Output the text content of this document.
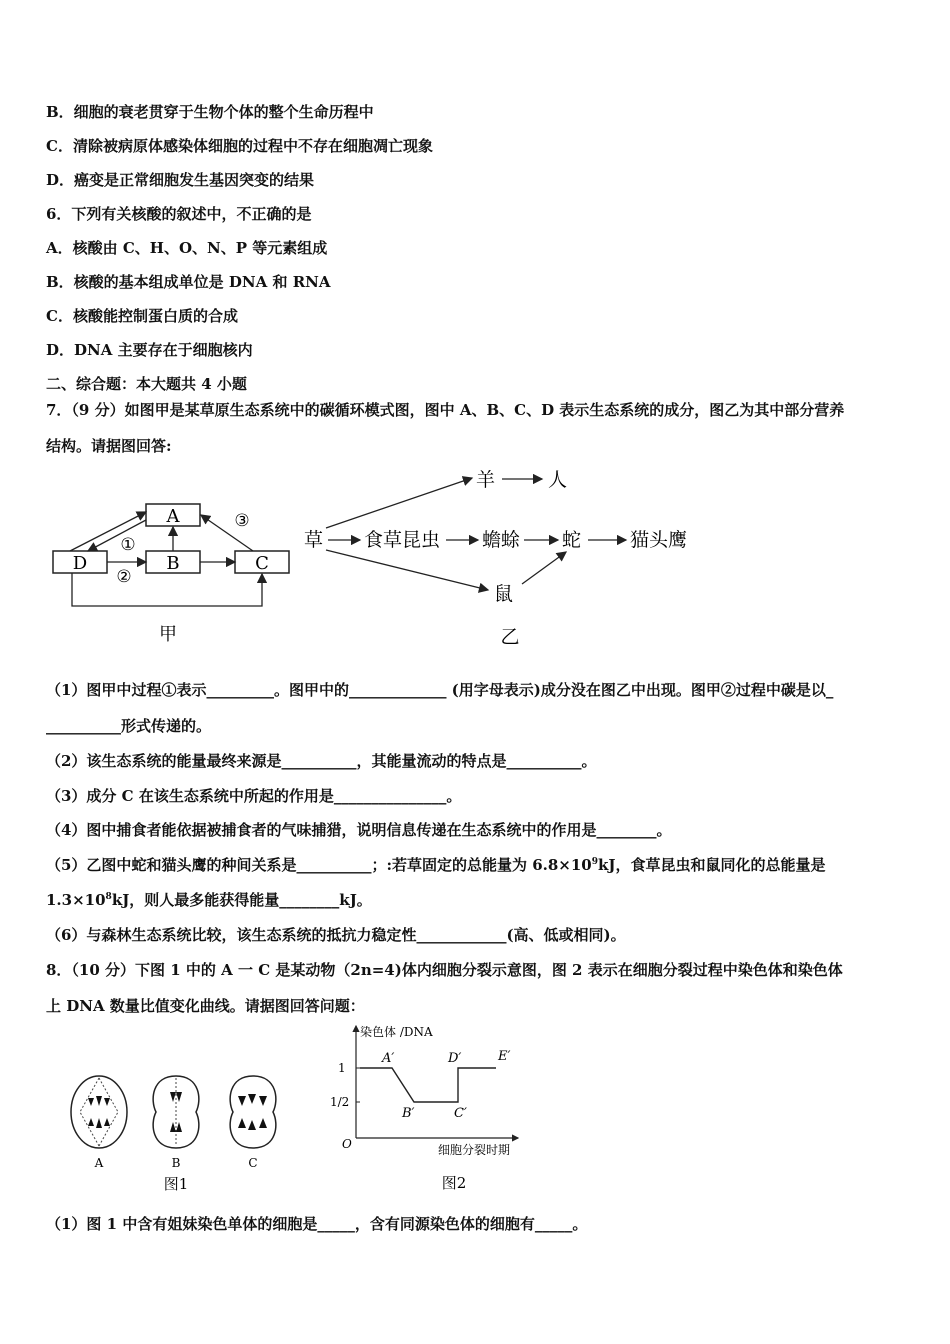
B．细胞的衰老贯穿于生物个体的整个生命历程中
C．清除被病原体感染体细胞的过程中不存在细胞凋亡现象
D．癌变是正常细胞发生基因突变的结果
6．下列有关核酸的叙述中，不正确的是
A．核酸由 C、H、O、N、P 等元素组成
B．核酸的基本组成单位是 DNA 和 RNA
C．核酸能控制蛋白质的合成
D．DNA 主要存在于细胞核内
二、综合题：本大题共 4 小题
7．（9 分）如图甲是某草原生态系统中的碳循环模式图，图中 A、B、C、D 表示生态系统的成分，图乙为其中部分营养
结构。请据图回答:
A
D	B	C
①
②
③
甲
草 食草昆虫 蟾蜍 蛇	猫头鹰
羊	人
鼠
乙
（1）图甲中过程①表示_________。图甲中的_____________ (用字母表示)成分没在图乙中出现。图甲②过程中碳是以_
__________形式传递的。
（2）该生态系统的能量最终来源是__________，其能量流动的特点是__________。
（3）成分 C 在该生态系统中所起的作用是_______________。
（4）图中捕食者能依据被捕食者的气味捕猎，说明信息传递在生态系统中的作用是________。
（5）乙图中蛇和猫头鹰的种间关系是__________；:若草固定的总能量为 $6.8\times 10^9kJ$，食草昆虫和鼠同化的总能量是
$1.3\times 10^8kJ$，则人最多能获得能量________kJ。
（6）与森林生态系统比较，该生态系统的抵抗力稳定性____________(高、低或相同)。
8．（10 分）下图 1 中的 A 一 C 是某动物（2n=4)体内细胞分裂示意图，图 2 表示在细胞分裂过程中染色体和染色体
上 DNA 数量比值变化曲线。请据图回答问题：
A	B	C
图1
染色体 /DNA
细胞分裂时期
O
1
1/2
A′
B′	C′
D′	E′
图2
（1）图 1 中含有姐妹染色单体的细胞是_____，含有同源染色体的细胞有_____。
